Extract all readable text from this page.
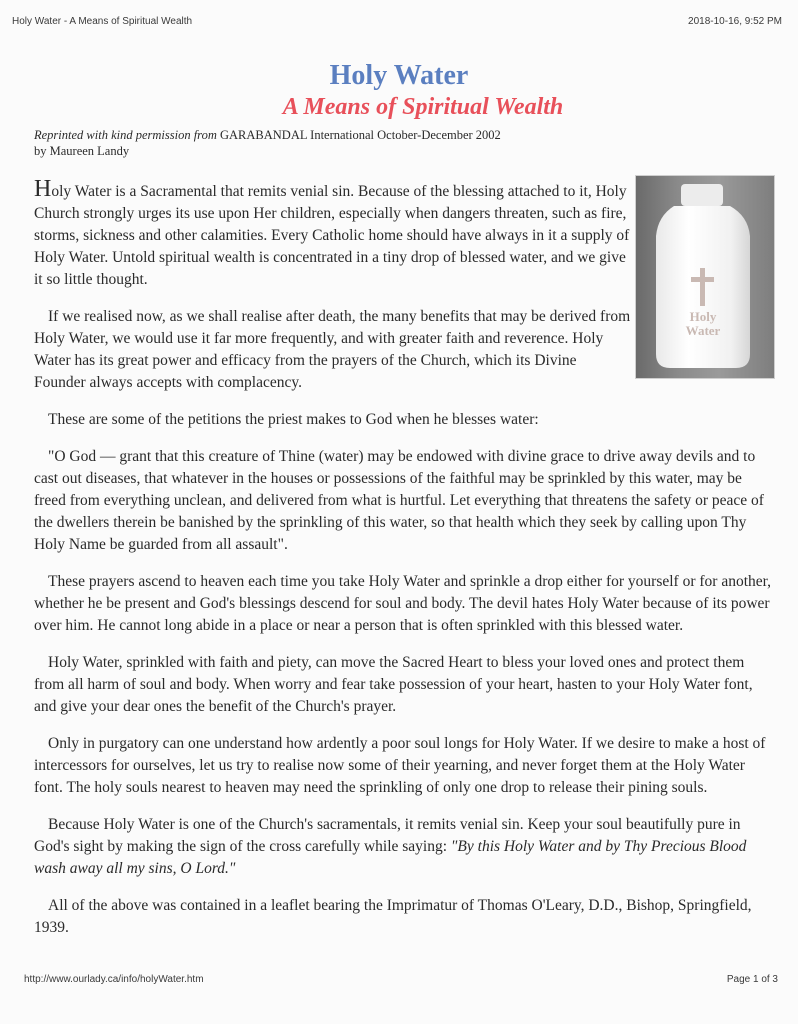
Holy Water - A Means of Spiritual Wealth	2018-10-16, 9:52 PM
Holy Water
A Means of Spiritual Wealth
Reprinted with kind permission from GARABANDAL International October-December 2002
by Maureen Landy
Holy
Water

Holy Water is a Sacramental that remits venial sin. Because of the blessing attached to it, Holy Church strongly urges its use upon Her children, especially when dangers threaten, such as fire, storms, sickness and other calamities. Every Catholic home should have always in it a supply of Holy Water. Untold spiritual wealth is concentrated in a tiny drop of blessed water, and we give it so little thought.

If we realised now, as we shall realise after death, the many benefits that may be derived from Holy Water, we would use it far more frequently, and with greater faith and reverence. Holy Water has its great power and efficacy from the prayers of the Church, which its Divine Founder always accepts with complacency.

These are some of the petitions the priest makes to God when he blesses water:

"O God — grant that this creature of Thine (water) may be endowed with divine grace to drive away devils and to cast out diseases, that whatever in the houses or possessions of the faithful may be sprinkled by this water, may be freed from everything unclean, and delivered from what is hurtful. Let everything that threatens the safety or peace of the dwellers therein be banished by the sprinkling of this water, so that health which they seek by calling upon Thy Holy Name be guarded from all assault".

These prayers ascend to heaven each time you take Holy Water and sprinkle a drop either for yourself or for another, whether he be present and God's blessings descend for soul and body. The devil hates Holy Water because of its power over him. He cannot long abide in a place or near a person that is often sprinkled with this blessed water.

Holy Water, sprinkled with faith and piety, can move the Sacred Heart to bless your loved ones and protect them from all harm of soul and body. When worry and fear take possession of your heart, hasten to your Holy Water font, and give your dear ones the benefit of the Church's prayer.

Only in purgatory can one understand how ardently a poor soul longs for Holy Water. If we desire to make a host of intercessors for ourselves, let us try to realise now some of their yearning, and never forget them at the Holy Water font. The holy souls nearest to heaven may need the sprinkling of only one drop to release their pining souls.

Because Holy Water is one of the Church's sacramentals, it remits venial sin. Keep your soul beautifully pure in God's sight by making the sign of the cross carefully while saying: "By this Holy Water and by Thy Precious Blood wash away all my sins, O Lord."

All of the above was contained in a leaflet bearing the Imprimatur of Thomas O'Leary, D.D., Bishop, Springfield, 1939.

http://www.ourlady.ca/info/holyWater.htm	Page 1 of 3
